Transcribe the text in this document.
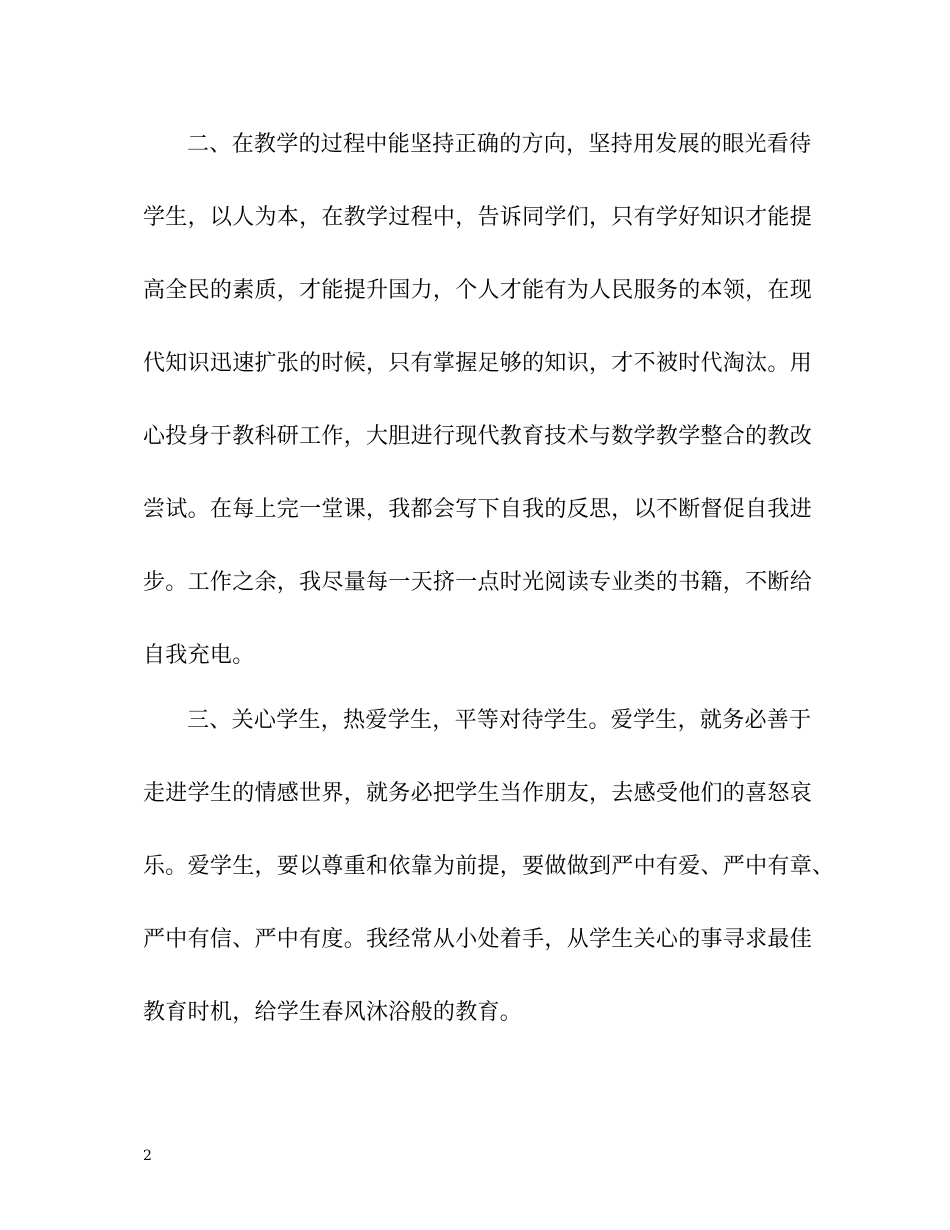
二、在教学的过程中能坚持正确的方向，坚持用发展的眼光看待
学生，以人为本，在教学过程中，告诉同学们，只有学好知识才能提
高全民的素质，才能提升国力，个人才能有为人民服务的本领，在现
代知识迅速扩张的时候，只有掌握足够的知识，才不被时代淘汰。用
心投身于教科研工作，大胆进行现代教育技术与数学教学整合的教改
尝试。在每上完一堂课，我都会写下自我的反思，以不断督促自我进
步。工作之余，我尽量每一天挤一点时光阅读专业类的书籍，不断给
自我充电。
三、关心学生，热爱学生，平等对待学生。爱学生，就务必善于
走进学生的情感世界，就务必把学生当作朋友，去感受他们的喜怒哀
乐。爱学生，要以尊重和依靠为前提，要做做到严中有爱、严中有章、
严中有信、严中有度。我经常从小处着手，从学生关心的事寻求最佳
教育时机，给学生春风沐浴般的教育。
2
